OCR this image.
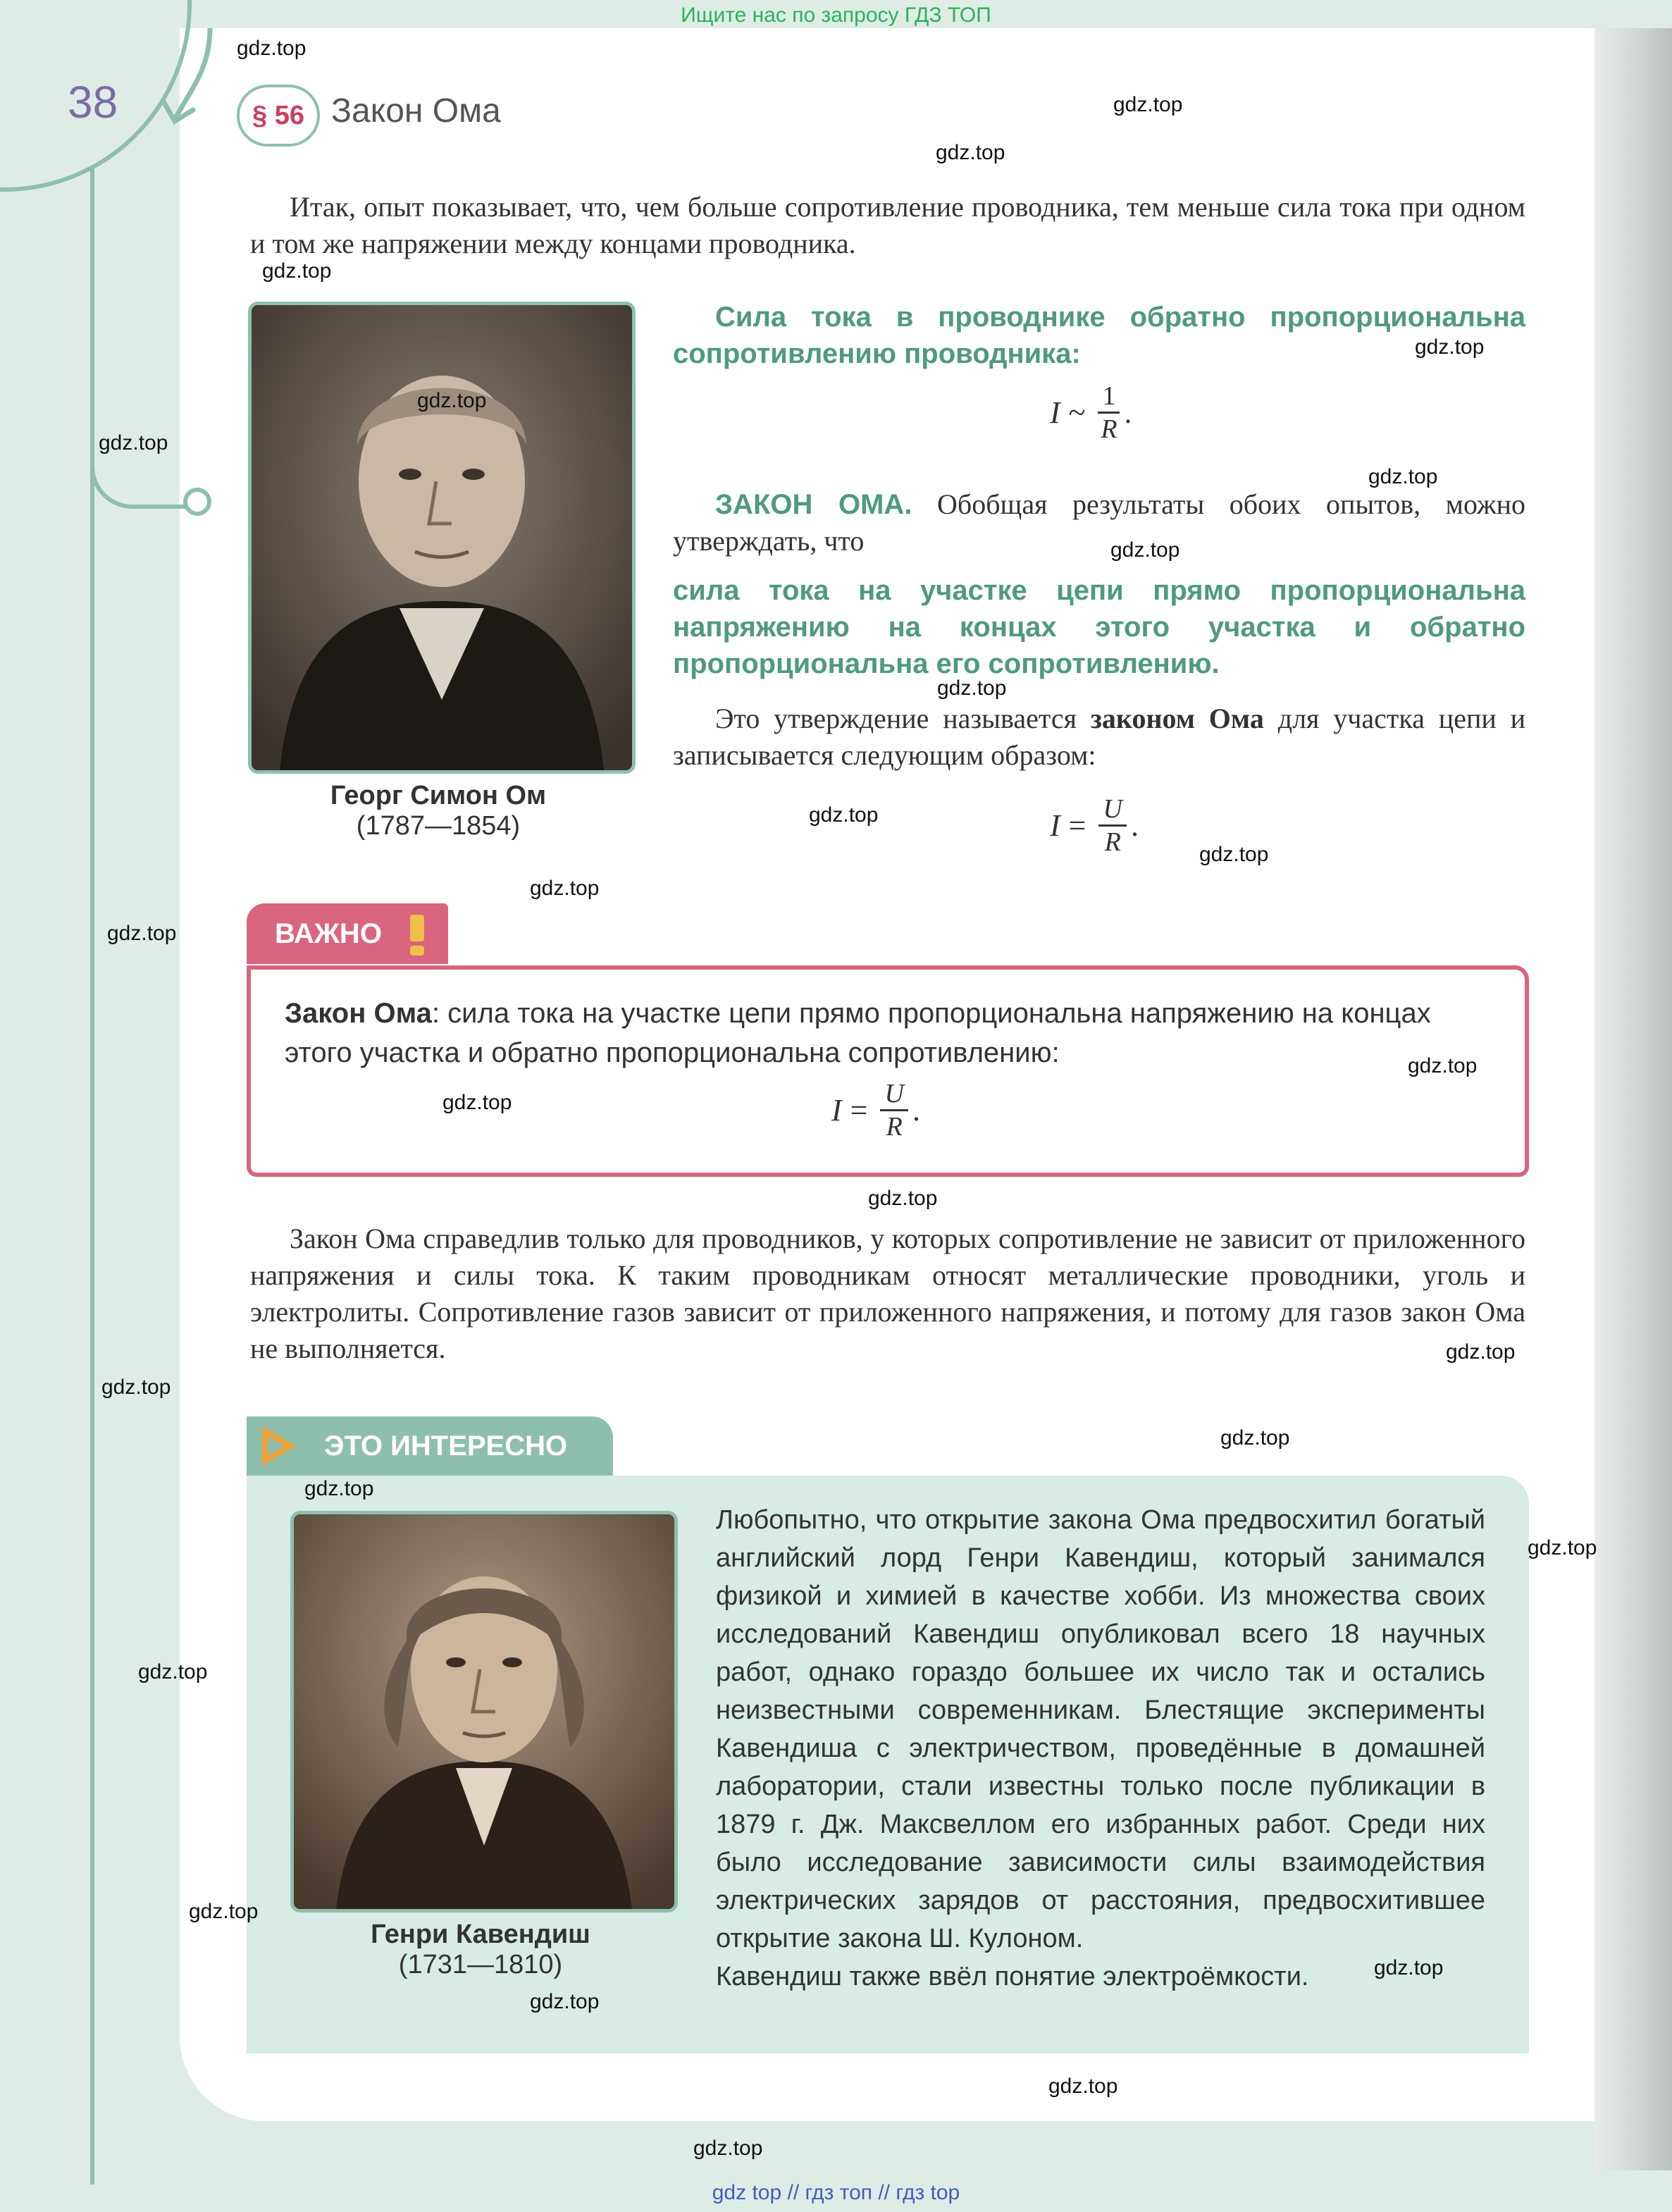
Ищите нас по запросу ГДЗ ТОП
38	§ 56 Закон Ома
Итак, опыт показывает, что, чем больше сопротивление проводника, тем меньше сила тока при одном и том же напряжении между концами проводника.
Георг Симон Ом
(1787—1854)
Сила тока в проводнике обратно пропорциональна сопротивлению проводника:
I ~ $\frac{1}{R}$ .
ЗАКОН ОМА. Обобщая результаты обоих опытов, можно утверждать, что
сила тока на участке цепи прямо пропорциональна напряжению на концах этого участка и обратно пропорциональна его сопротивлению.
Это утверждение называется законом Ома для участка цепи и записывается следующим образом:
$I = \frac{U}{R}$ .
ВАЖНО
Закон Ома: сила тока на участке цепи прямо пропорциональна напряжению на концах этого участка и обратно пропорциональна сопротивлению:
$I = \frac{U}{R}$ .
Закон Ома справедлив только для проводников, у которых сопротивление не зависит от приложенного напряжения и силы тока. К таким проводникам относят металлические проводники, уголь и электролиты. Сопротивление газов зависит от приложенного напряжения, и потому для газов закон Ома не выполняется.
ЭТО ИНТЕРЕСНО
Генри Кавендиш
(1731—1810)
Любопытно, что открытие закона Ома предвосхитил богатый английский лорд Генри Кавендиш, который занимался физикой и химией в качестве хобби. Из множества своих исследований Кавендиш опубликовал всего 18 научных работ, однако гораздо большее их число так и остались неизвестными современникам. Блестящие эксперименты Кавендиша с электричеством, проведённые в домашней лаборатории, стали известны только после публикации в 1879 г. Дж. Максвеллом его избранных работ. Среди них было исследование зависимости силы взаимодействия электрических зарядов от расстояния, предвосхитившее открытие закона Ш. Кулоном.
Кавендиш также ввёл понятие электроёмкости.
gdz.top
gdz.top
gdz.top
gdz.top
gdz.top
gdz.top
gdz.top
gdz.top
gdz.top
gdz.top
gdz.top
gdz.top
gdz.top
gdz.top
gdz.top
gdz.top
gdz.top
gdz.top
gdz.top
gdz.top
gdz.top
gdz.top
gdz.top
gdz.top
gdz.top
gdz.top
gdz.top
gdz.top
gdz top // гдз топ // гдз top
